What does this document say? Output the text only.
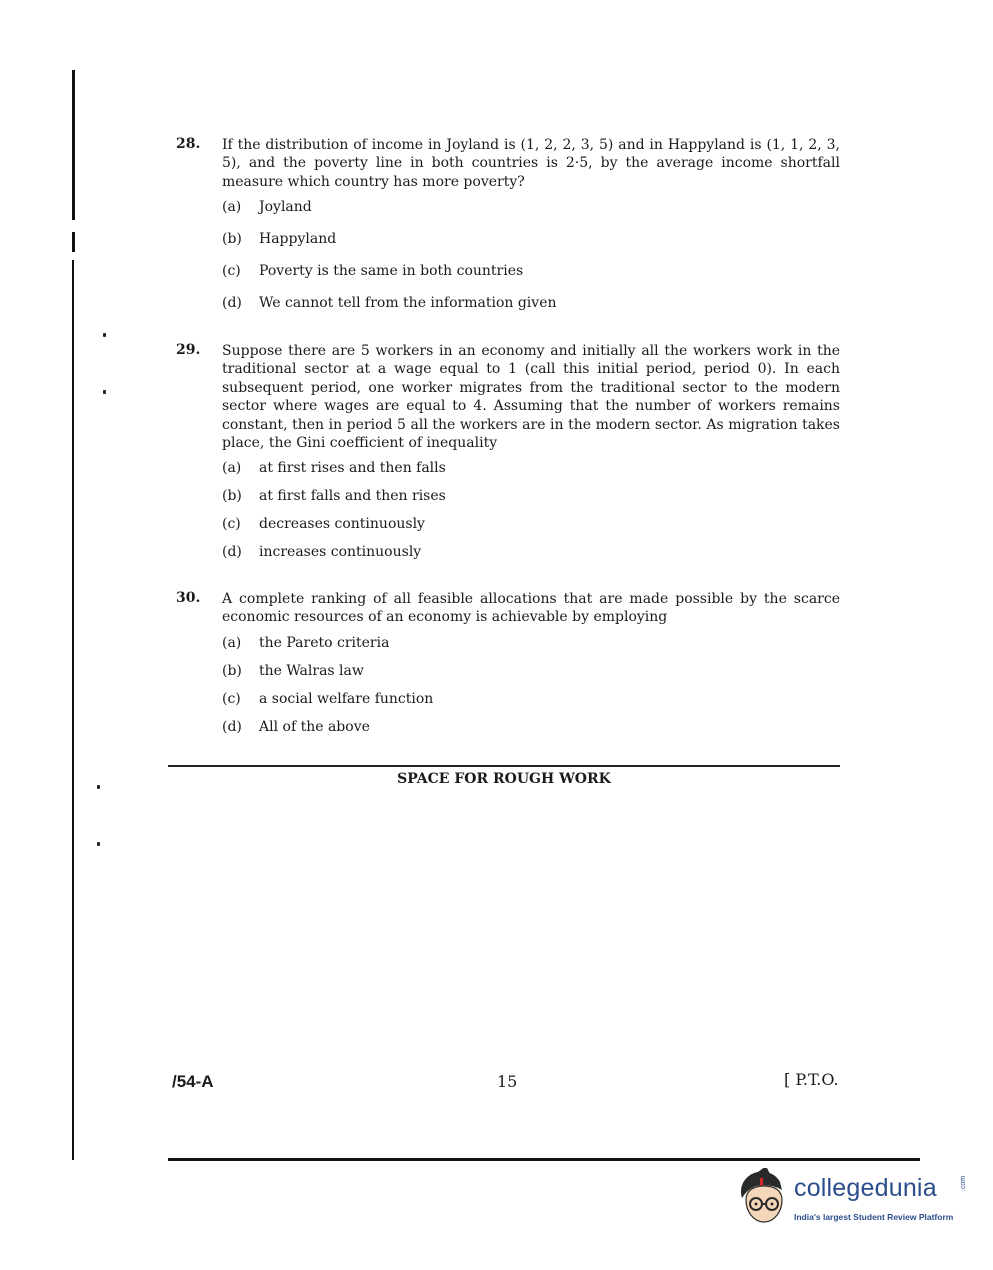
28. If the distribution of income in Joyland is (1, 2, 2, 3, 5) and in Happyland is (1, 1, 2, 3, 5), and the poverty line in both countries is 2·5, by the average income shortfall measure which country has more poverty?
(a)	Joyland
(b)	Happyland
(c)	Poverty is the same in both countries
(d)	We cannot tell from the information given
29. Suppose there are 5 workers in an economy and initially all the workers work in the traditional sector at a wage equal to 1 (call this initial period, period 0). In each subsequent period, one worker migrates from the traditional sector to the modern sector where wages are equal to 4. Assuming that the number of workers remains constant, then in period 5 all the workers are in the modern sector. As migration takes place, the Gini coefficient of inequality
(a)	at first rises and then falls
(b)	at first falls and then rises
(c)	decreases continuously
(d)	increases continuously
30. A complete ranking of all feasible allocations that are made possible by the scarce economic resources of an economy is achievable by employing
(a)	the Pareto criteria
(b)	the Walras law
(c)	a social welfare function
(d)	All of the above
SPACE FOR ROUGH WORK
/54-A	15	[ P.T.O.
collegedunia	.com
India's largest Student Review Platform
